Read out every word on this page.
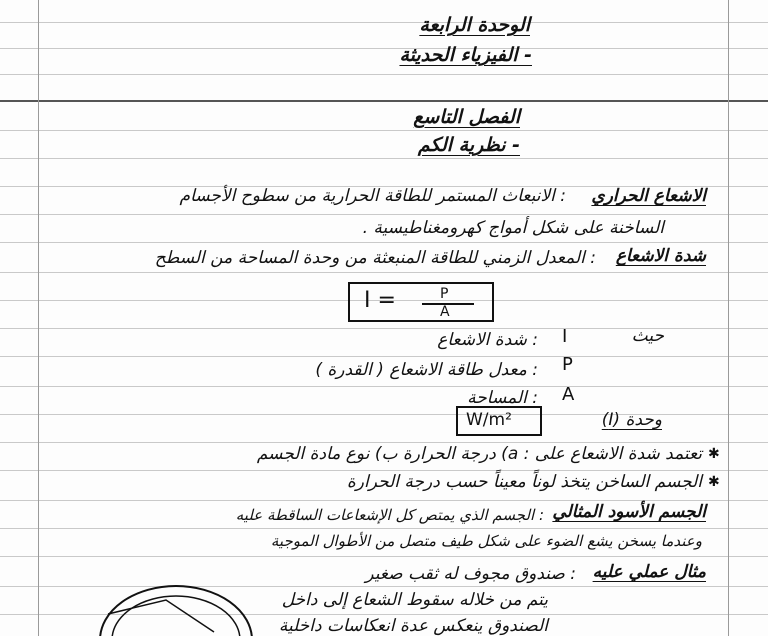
الوحدة الرابعة
- الفيزياء الحديثة
الفصل التاسع
- نظرية الكم
الاشعاع الحراري
: الانبعاث المستمر للطاقة الحرارية من سطوح الأجسام
الساخنة على شكل أمواج كهرومغناطيسية .
شدة الاشعاع
: المعدل الزمني للطاقة المنبعثة من وحدة المساحة من السطح
I =	P
A
حيث
I
: شدة الاشعاع
P
: معدل طاقة الاشعاع ( القدرة )
A
: المساحة
وحدة (I)
W/m²
✱
تعتمد شدة الاشعاع على : a) درجة الحرارة ب) نوع مادة الجسم
✱
الجسم الساخن يتخذ لوناً معيناً حسب درجة الحرارة
الجسم الأسود المثالي
: الجسم الذي يمتص كل الإشعاعات الساقطة عليه
وعندما يسخن يشع الضوء على شكل طيف متصل من الأطوال الموجية
مثال عملي عليه
: صندوق مجوف له ثقب صغير
يتم من خلاله سقوط الشعاع إلى داخل
الصندوق ينعكس عدة انعكاسات داخلية
